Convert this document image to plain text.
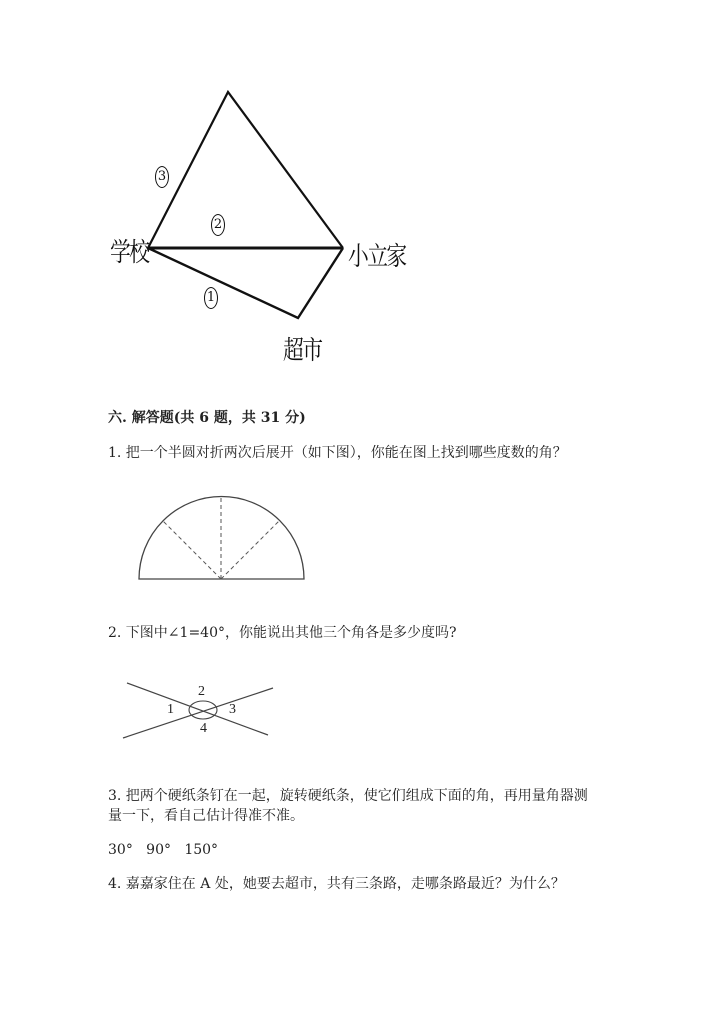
3
2
1
学校	小立家
超市
六. 解答题(共 6 题，共 31 分)
1. 把一个半圆对折两次后展开（如下图），你能在图上找到哪些度数的角？
2. 下图中∠1=40°，你能说出其他三个角各是多少度吗?
2
1	3
4
3. 把两个硬纸条钉在一起，旋转硬纸条，使它们组成下面的角，再用量角器测
量一下，看自己估计得准不准。
30°   90°   150°
4. 嘉嘉家住在 A 处，她要去超市，共有三条路，走哪条路最近？为什么？
